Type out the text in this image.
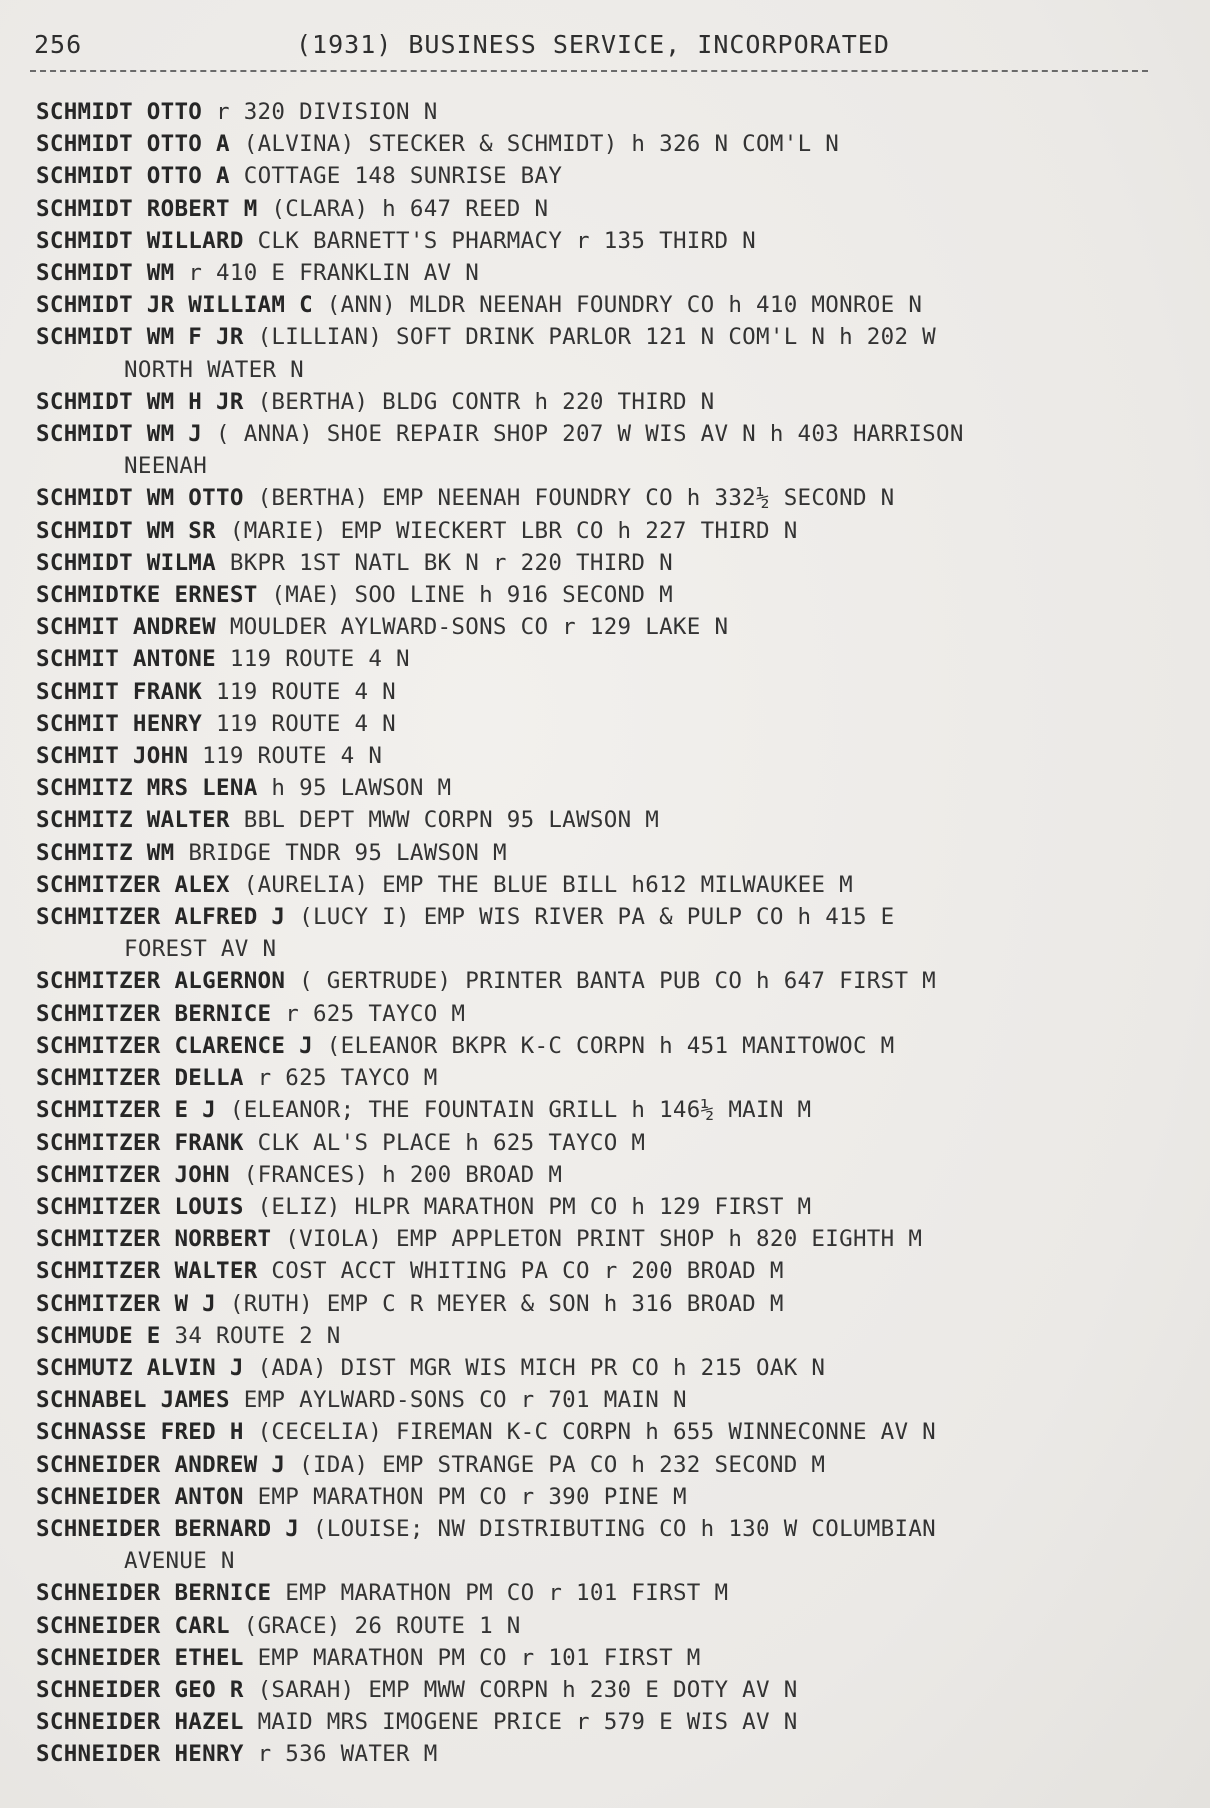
256	(1931) BUSINESS SERVICE, INCORPORATED
SCHMIDT OTTO r 320 DIVISION N
SCHMIDT OTTO A (ALVINA) STECKER & SCHMIDT) h 326 N COM'L N
SCHMIDT OTTO A COTTAGE 148 SUNRISE BAY
SCHMIDT ROBERT M (CLARA) h 647 REED N
SCHMIDT WILLARD CLK BARNETT'S PHARMACY r 135 THIRD N
SCHMIDT WM r 410 E FRANKLIN AV N
SCHMIDT JR WILLIAM C (ANN) MLDR NEENAH FOUNDRY CO h 410 MONROE N
SCHMIDT WM F JR (LILLIAN) SOFT DRINK PARLOR 121 N COM'L N h 202 W
NORTH WATER N
SCHMIDT WM H JR (BERTHA) BLDG CONTR h 220 THIRD N
SCHMIDT WM J ( ANNA) SHOE REPAIR SHOP 207 W WIS AV N h 403 HARRISON
NEENAH
SCHMIDT WM OTTO (BERTHA) EMP NEENAH FOUNDRY CO h 332½ SECOND N
SCHMIDT WM SR (MARIE) EMP WIECKERT LBR CO h 227 THIRD N
SCHMIDT WILMA BKPR 1ST NATL BK N r 220 THIRD N
SCHMIDTKE ERNEST (MAE) SOO LINE h 916 SECOND M
SCHMIT ANDREW MOULDER AYLWARD-SONS CO r 129 LAKE N
SCHMIT ANTONE 119 ROUTE 4 N
SCHMIT FRANK 119 ROUTE 4 N
SCHMIT HENRY 119 ROUTE 4 N
SCHMIT JOHN 119 ROUTE 4 N
SCHMITZ MRS LENA h 95 LAWSON M
SCHMITZ WALTER BBL DEPT MWW CORPN 95 LAWSON M
SCHMITZ WM BRIDGE TNDR 95 LAWSON M
SCHMITZER ALEX (AURELIA) EMP THE BLUE BILL h612 MILWAUKEE M
SCHMITZER ALFRED J (LUCY I) EMP WIS RIVER PA & PULP CO h 415 E
FOREST AV N
SCHMITZER ALGERNON ( GERTRUDE) PRINTER BANTA PUB CO h 647 FIRST M
SCHMITZER BERNICE r 625 TAYCO M
SCHMITZER CLARENCE J (ELEANOR BKPR K-C CORPN h 451 MANITOWOC M
SCHMITZER DELLA r 625 TAYCO M
SCHMITZER E J (ELEANOR; THE FOUNTAIN GRILL h 146½ MAIN M
SCHMITZER FRANK CLK AL'S PLACE h 625 TAYCO M
SCHMITZER JOHN (FRANCES) h 200 BROAD M
SCHMITZER LOUIS (ELIZ) HLPR MARATHON PM CO h 129 FIRST M
SCHMITZER NORBERT (VIOLA) EMP APPLETON PRINT SHOP h 820 EIGHTH M
SCHMITZER WALTER COST ACCT WHITING PA CO r 200 BROAD M
SCHMITZER W J (RUTH) EMP C R MEYER & SON h 316 BROAD M
SCHMUDE E 34 ROUTE 2 N
SCHMUTZ ALVIN J (ADA) DIST MGR WIS MICH PR CO h 215 OAK N
SCHNABEL JAMES EMP AYLWARD-SONS CO r 701 MAIN N
SCHNASSE FRED H (CECELIA) FIREMAN K-C CORPN h 655 WINNECONNE AV N
SCHNEIDER ANDREW J (IDA) EMP STRANGE PA CO h 232 SECOND M
SCHNEIDER ANTON EMP MARATHON PM CO r 390 PINE M
SCHNEIDER BERNARD J (LOUISE; NW DISTRIBUTING CO h 130 W COLUMBIAN
AVENUE N
SCHNEIDER BERNICE EMP MARATHON PM CO r 101 FIRST M
SCHNEIDER CARL (GRACE) 26 ROUTE 1 N
SCHNEIDER ETHEL EMP MARATHON PM CO r 101 FIRST M
SCHNEIDER GEO R (SARAH) EMP MWW CORPN h 230 E DOTY AV N
SCHNEIDER HAZEL MAID MRS IMOGENE PRICE r 579 E WIS AV N
SCHNEIDER HENRY r 536 WATER M
